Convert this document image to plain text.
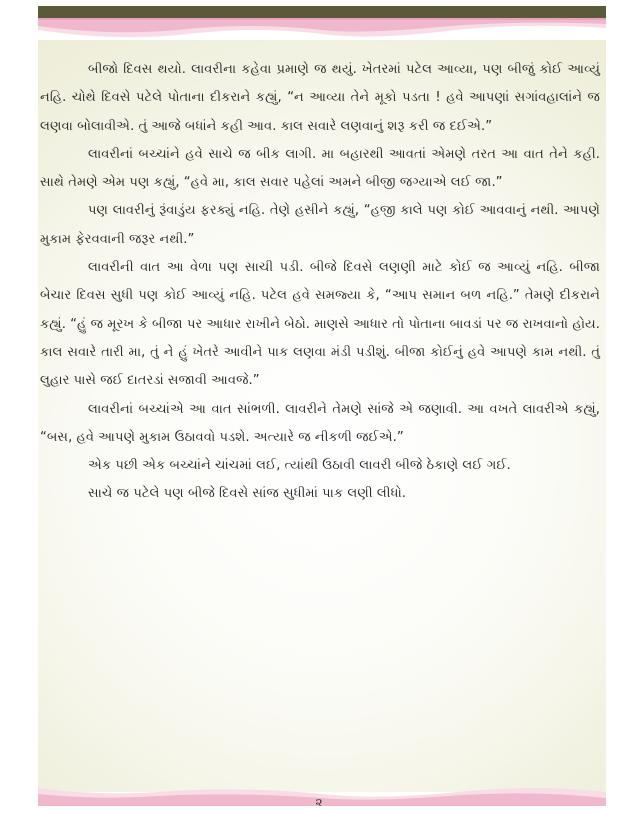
બીજો દિવસ થયો. લાવરીના કહેવા પ્રમાણે જ થયું. ખેતરમાં પટેલ આવ્યા, પણ બીજું કોઈ આવ્યું નહિ. ચોથે દિવસે પટેલે પોતાના દીકરાને કહ્યું, “ન આવ્યા તેને મૂકો પડતા ! હવે આપણાં સગાંવહાલાંને જ લણવા બોલાવીએ. તું આજે બધાંને કહી આવ. કાલ સવારે લણવાનું શરૂ કરી જ દઈએ.”

લાવરીનાં બચ્ચાંને હવે સાચે જ બીક લાગી. મા બહારથી આવતાં એમણે તરત આ વાત તેને કહી. સાથે તેમણે એમ પણ કહ્યું, “હવે મા, કાલ સવાર પહેલાં અમને બીજી જગ્યાએ લઈ જા.”

પણ લાવરીનું રૂંવાડુંય ફરક્યું નહિ. તેણે હસીને કહ્યું, “હજી કાલે પણ કોઈ આવવાનું નથી. આપણે મુકામ ફેરવવાની જરૂર નથી.”

લાવરીની વાત આ વેળા પણ સાચી પડી. બીજે દિવસે લણણી માટે કોઈ જ આવ્યું નહિ. બીજા બેચાર દિવસ સુધી પણ કોઈ આવ્યું નહિ. પટેલ હવે સમજ્યા કે, “આપ સમાન બળ નહિ.” તેમણે દીકરાને કહ્યું. “હું જ મૂરખ કે બીજા પર આધાર રાખીને બેઠો. માણસે આધાર તો પોતાના બાવડાં પર જ રાખવાનો હોય. કાલ સવારે તારી મા, તું ને હું ખેતરે આવીને પાક લણવા મંડી પડીશું. બીજા કોઈનું હવે આપણે કામ નથી. તું લુહાર પાસે જઈ દાતરડાં સજાવી આવજે.”

લાવરીનાં બચ્ચાંએ આ વાત સાંભળી. લાવરીને તેમણે સાંજે એ જણાવી. આ વખતે લાવરીએ કહ્યું, “બસ, હવે આપણે મુકામ ઉઠાવવો પડશે. અત્યારે જ નીકળી જઈએ.”

એક પછી એક બચ્ચાંને ચાંચમાં લઈ, ત્યાંથી ઉઠાવી લાવરી બીજે ઠેકાણે લઈ ગઈ.

સાચે જ પટેલે પણ બીજે દિવસે સાંજ સુધીમાં પાક લણી લીધો.

૨
